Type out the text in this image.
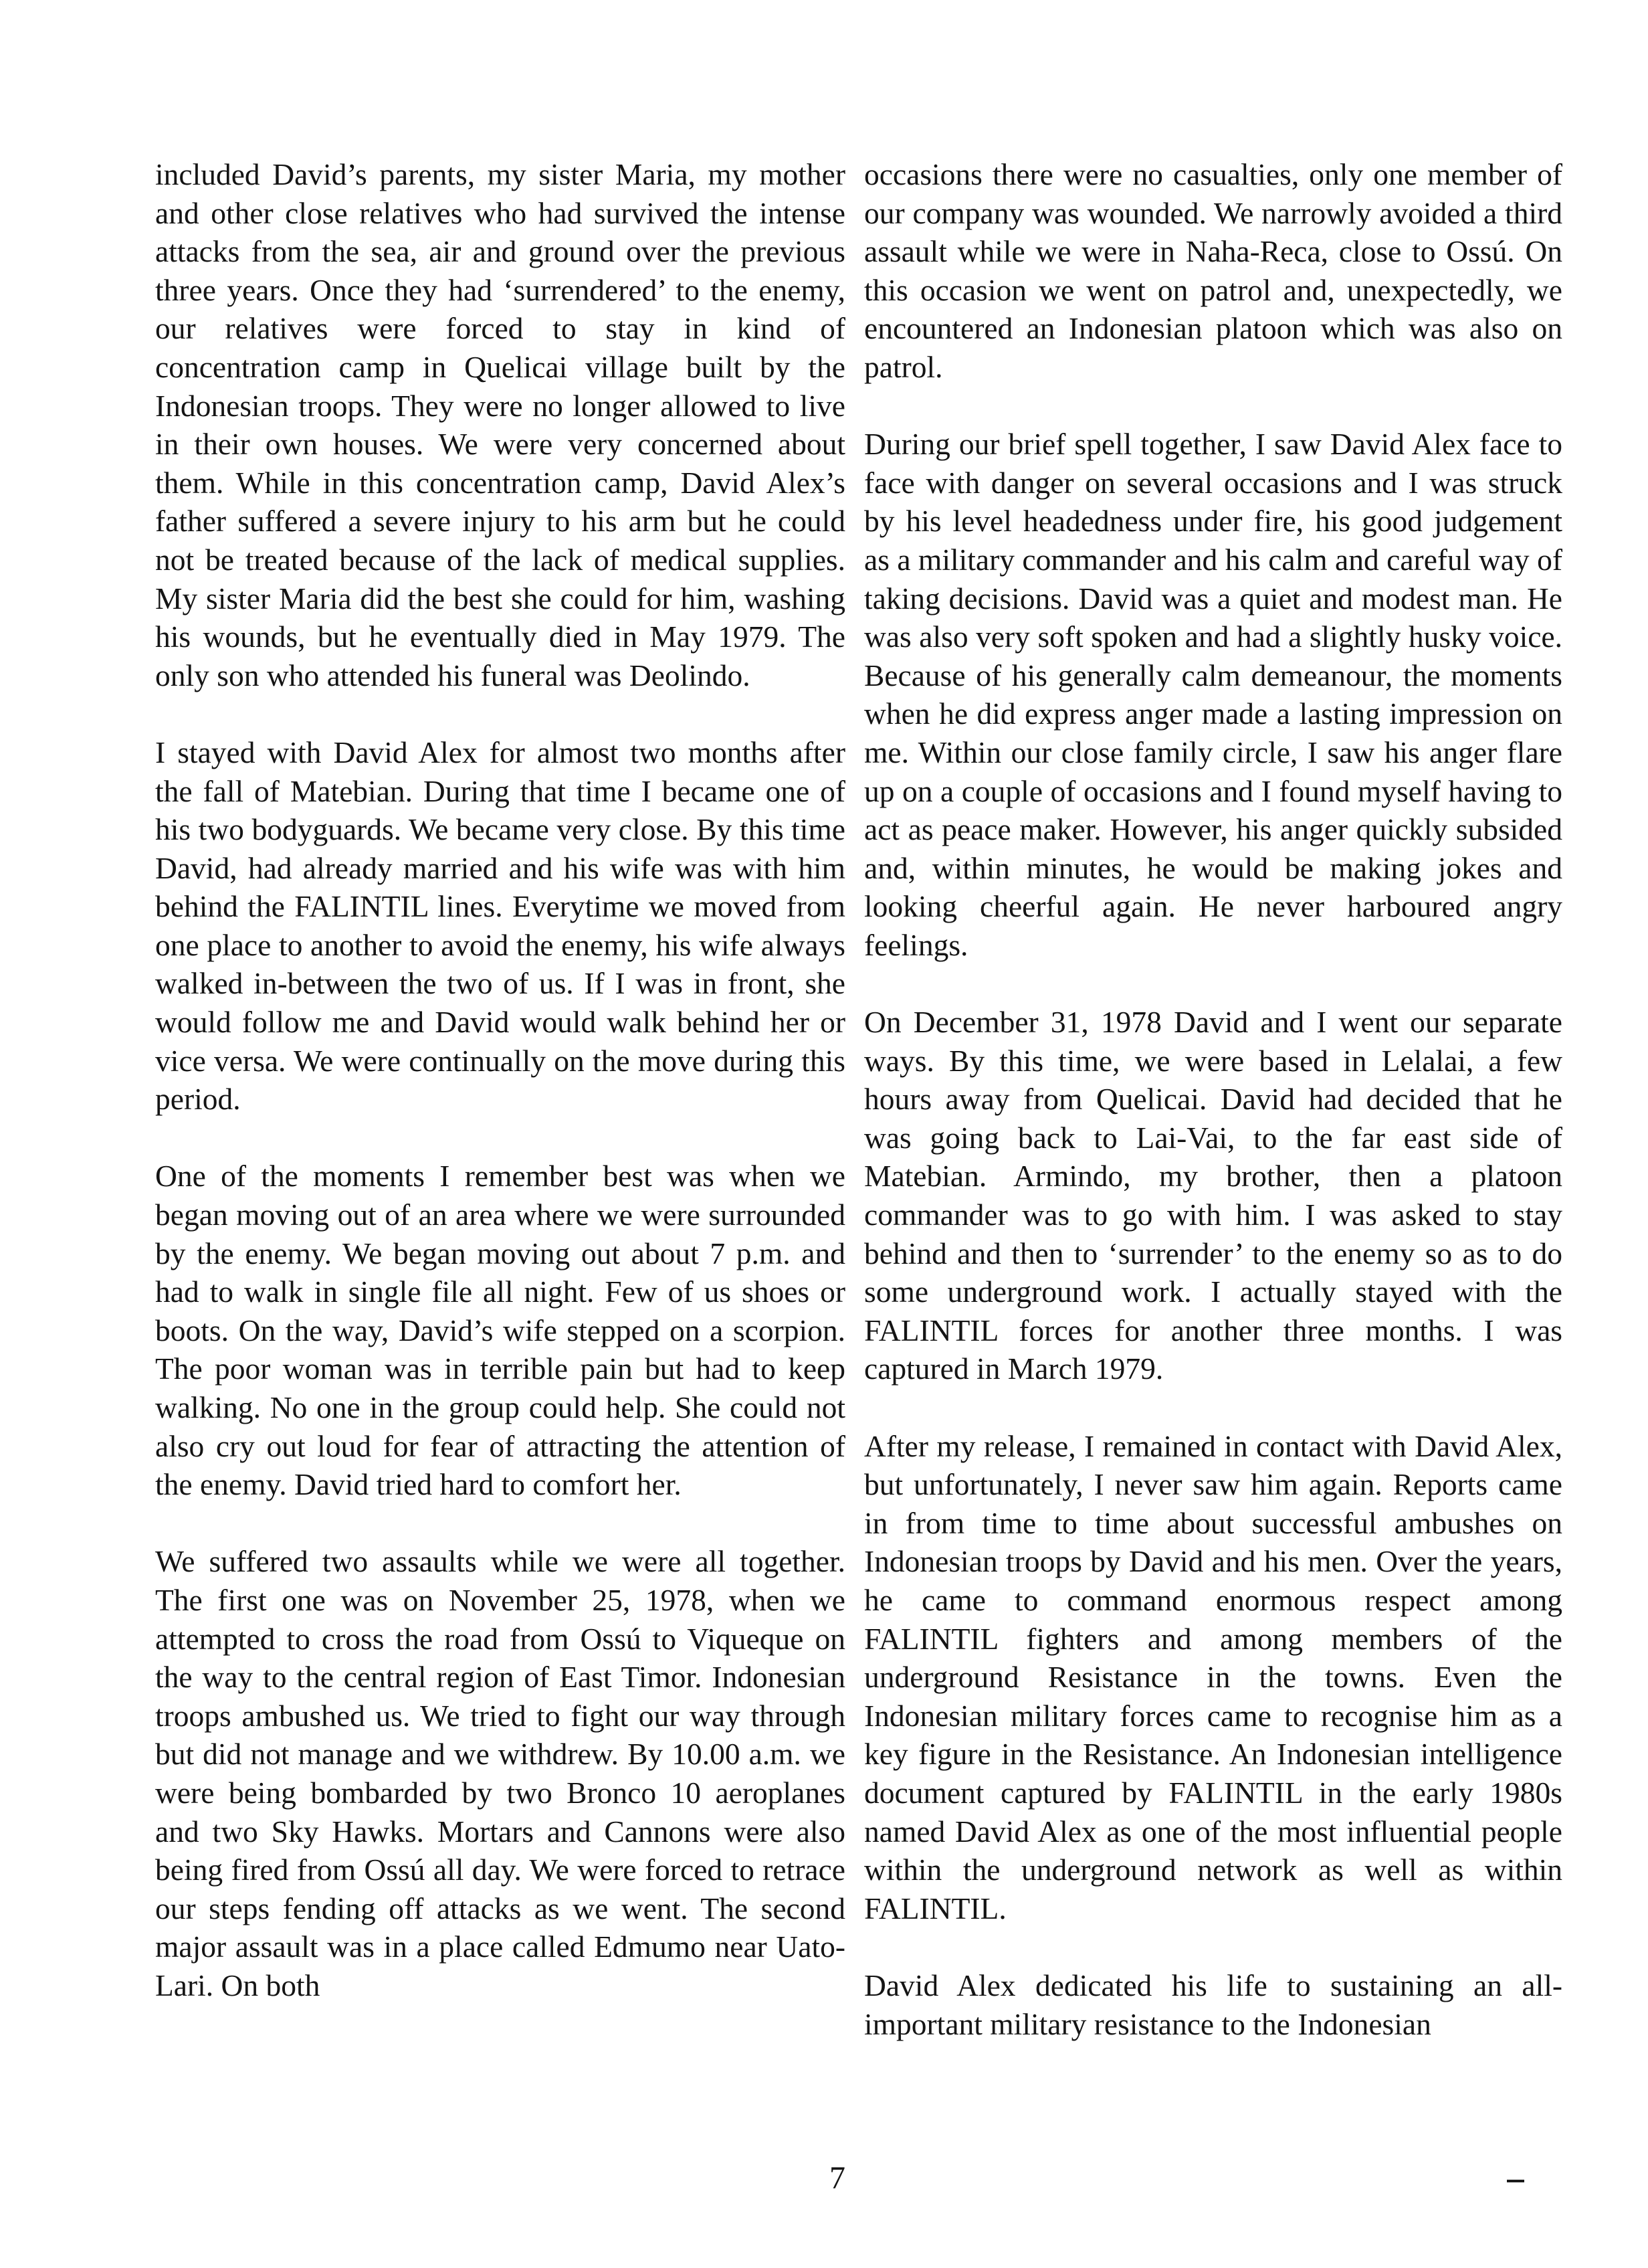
included David’s parents, my sister Maria, my mother and other close relatives who had survived the intense attacks from the sea, air and ground over the previous three years. Once they had ‘surrendered’ to the enemy, our relatives were forced to stay in kind of concentration camp in Quelicai village built by the Indonesian troops. They were no longer allowed to live in their own houses. We were very concerned about them. While in this concentration camp, David Alex’s father suffered a severe injury to his arm but he could not be treated because of the lack of medical supplies. My sister Maria did the best she could for him, washing his wounds, but he eventually died in May 1979. The only son who attended his funeral was Deolindo.

I stayed with David Alex for almost two months after the fall of Matebian. During that time I became one of his two bodyguards. We became very close. By this time David, had already married and his wife was with him behind the FALINTIL lines. Everytime we moved from one place to another to avoid the enemy, his wife always walked in-between the two of us. If I was in front, she would follow me and David would walk behind her or vice versa. We were continually on the move during this period.

One of the moments I remember best was when we began moving out of an area where we were surrounded by the enemy. We began moving out about 7 p.m. and had to walk in single file all night. Few of us shoes or boots. On the way, David’s wife stepped on a scorpion. The poor woman was in terrible pain but had to keep walking. No one in the group could help. She could not also cry out loud for fear of attracting the attention of the enemy. David tried hard to comfort her.

We suffered two assaults while we were all together. The first one was on November 25, 1978, when we attempted to cross the road from Ossú to Viqueque on the way to the central region of East Timor. Indonesian troops ambushed us. We tried to fight our way through but did not manage and we withdrew. By 10.00 a.m. we were being bombarded by two Bronco 10 aeroplanes and two Sky Hawks. Mortars and Cannons were also being fired from Ossú all day. We were forced to retrace our steps fending off attacks as we went. The second major assault was in a place called Edmumo near Uato-Lari. On both

occasions there were no casualties, only one member of our company was wounded. We narrowly avoided a third assault while we were in Naha-Reca, close to Ossú. On this occasion we went on patrol and, unexpectedly, we encountered an Indonesian platoon which was also on patrol.

During our brief spell together, I saw David Alex face to face with danger on several occasions and I was struck by his level headedness under fire, his good judgement as a military commander and his calm and careful way of taking decisions. David was a quiet and modest man. He was also very soft spoken and had a slightly husky voice. Because of his generally calm demeanour, the moments when he did express anger made a lasting impression on me. Within our close family circle, I saw his anger flare up on a couple of occasions and I found myself having to act as peace maker. However, his anger quickly subsided and, within minutes, he would be making jokes and looking cheerful again. He never harboured angry feelings.

On December 31, 1978 David and I went our separate ways. By this time, we were based in Lelalai, a few hours away from Quelicai. David had decided that he was going back to Lai-Vai, to the far east side of Matebian. Armindo, my brother, then a platoon commander was to go with him. I was asked to stay behind and then to ‘surrender’ to the enemy so as to do some underground work. I actually stayed with the FALINTIL forces for another three months. I was captured in March 1979.

After my release, I remained in contact with David Alex, but unfortunately, I never saw him again. Reports came in from time to time about successful ambushes on Indonesian troops by David and his men. Over the years, he came to command enormous respect among FALINTIL fighters and among members of the underground Resistance in the towns. Even the Indonesian military forces came to recognise him as a key figure in the Resistance. An Indonesian intelligence document captured by FALINTIL in the early 1980s named David Alex as one of the most influential people within the underground network as well as within FALINTIL.

David Alex dedicated his life to sustaining an all-important military resistance to the Indonesian

7
